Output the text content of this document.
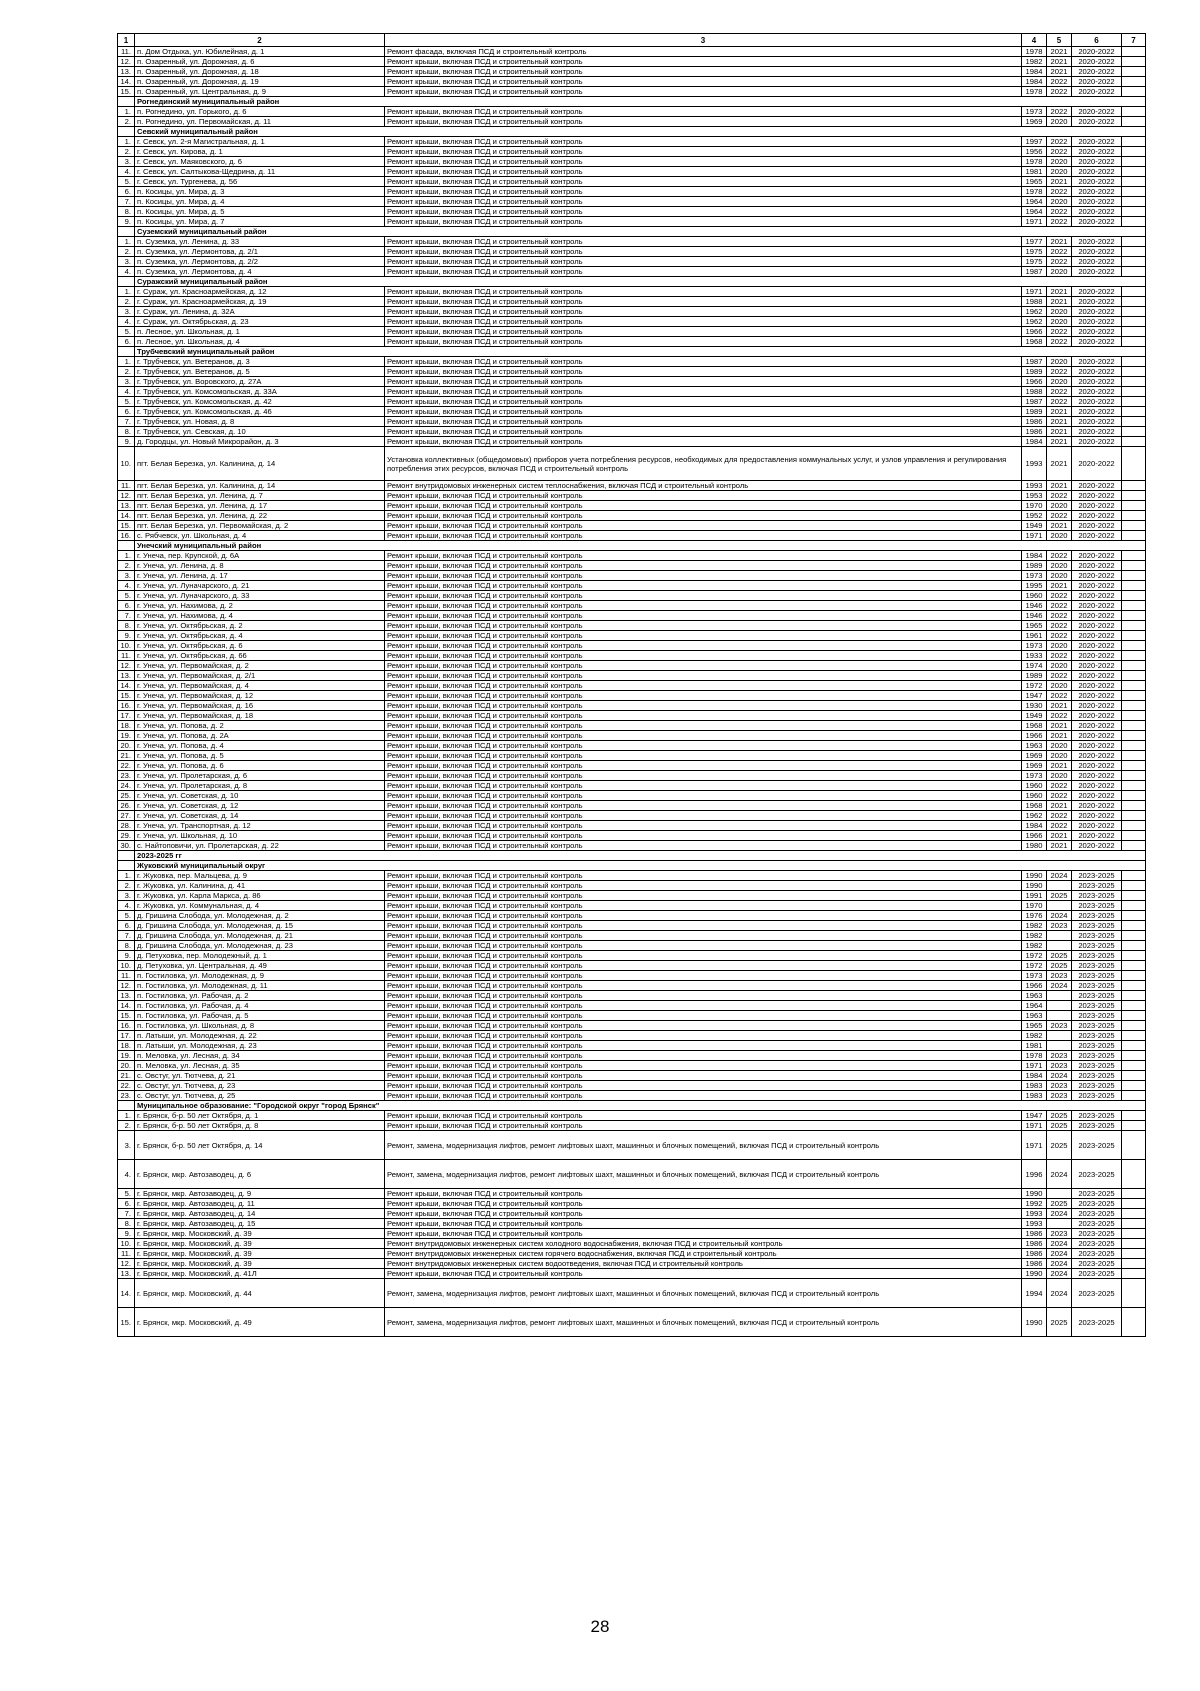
1	2	3	4	5	6	7
11.	п. Дом Отдыха, ул. Юбилейная, д. 1	Ремонт фасада, включая ПСД и строительный контроль	1978	2021	2020-2022	
12.	п. Озаренный, ул. Дорожная, д. 6	Ремонт крыши, включая ПСД и строительный контроль	1982	2021	2020-2022	
13.	п. Озаренный, ул. Дорожная, д. 18	Ремонт крыши, включая ПСД и строительный контроль	1984	2021	2020-2022	
14.	п. Озаренный, ул. Дорожная, д. 19	Ремонт крыши, включая ПСД и строительный контроль	1984	2022	2020-2022	
15.	п. Озаренный, ул. Центральная, д. 9	Ремонт крыши, включая ПСД и строительный контроль	1978	2022	2020-2022	
	Рогнединский муниципальный район					
1.	п. Рогнедино, ул. Горького, д. 6	Ремонт крыши, включая ПСД и строительный контроль	1973	2022	2020-2022	
2.	п. Рогнедино, ул. Первомайская, д. 11	Ремонт крыши, включая ПСД и строительный контроль	1969	2020	2020-2022	
	Севский муниципальный район					
1.	г. Севск, ул. 2-я Магистральная, д. 1	Ремонт крыши, включая ПСД и строительный контроль	1997	2022	2020-2022	
2.	г. Севск, ул. Кирова, д. 1	Ремонт крыши, включая ПСД и строительный контроль	1956	2022	2020-2022	
3.	г. Севск, ул. Маяковского, д. 6	Ремонт крыши, включая ПСД и строительный контроль	1978	2020	2020-2022	
4.	г. Севск, ул. Салтыкова-Щедрина, д. 11	Ремонт крыши, включая ПСД и строительный контроль	1981	2020	2020-2022	
5.	г. Севск, ул. Тургенева, д. 56	Ремонт крыши, включая ПСД и строительный контроль	1965	2021	2020-2022	
6.	п. Косицы, ул. Мира, д. 3	Ремонт крыши, включая ПСД и строительный контроль	1978	2022	2020-2022	
7.	п. Косицы, ул. Мира, д. 4	Ремонт крыши, включая ПСД и строительный контроль	1964	2020	2020-2022	
8.	п. Косицы, ул. Мира, д. 5	Ремонт крыши, включая ПСД и строительный контроль	1964	2022	2020-2022	
9.	п. Косицы, ул. Мира, д. 7	Ремонт крыши, включая ПСД и строительный контроль	1971	2022	2020-2022	
	Суземский муниципальный район					
1.	п. Суземка, ул. Ленина, д. 33	Ремонт крыши, включая ПСД и строительный контроль	1977	2021	2020-2022	
2.	п. Суземка, ул. Лермонтова, д. 2/1	Ремонт крыши, включая ПСД и строительный контроль	1975	2022	2020-2022	
3.	п. Суземка, ул. Лермонтова, д. 2/2	Ремонт крыши, включая ПСД и строительный контроль	1975	2022	2020-2022	
4.	п. Суземка, ул. Лермонтова, д. 4	Ремонт крыши, включая ПСД и строительный контроль	1987	2020	2020-2022	
	Суражский муниципальный район					
1.	г. Сураж, ул. Красноармейская, д. 12	Ремонт крыши, включая ПСД и строительный контроль	1971	2021	2020-2022	
2.	г. Сураж, ул. Красноармейская, д. 19	Ремонт крыши, включая ПСД и строительный контроль	1988	2021	2020-2022	
3.	г. Сураж, ул. Ленина, д. 32А	Ремонт крыши, включая ПСД и строительный контроль	1962	2020	2020-2022	
4.	г. Сураж, ул. Октябрьская, д. 23	Ремонт крыши, включая ПСД и строительный контроль	1962	2020	2020-2022	
5.	п. Лесное, ул. Школьная, д. 1	Ремонт крыши, включая ПСД и строительный контроль	1966	2022	2020-2022	
6.	п. Лесное, ул. Школьная, д. 4	Ремонт крыши, включая ПСД и строительный контроль	1968	2022	2020-2022	
	Трубчевский муниципальный район					
1.	г. Трубчевск, ул. Ветеранов, д. 3	Ремонт крыши, включая ПСД и строительный контроль	1987	2020	2020-2022	
2.	г. Трубчевск, ул. Ветеранов, д. 5	Ремонт крыши, включая ПСД и строительный контроль	1989	2022	2020-2022	
3.	г. Трубчевск, ул. Воровского, д. 27А	Ремонт крыши, включая ПСД и строительный контроль	1966	2020	2020-2022	
4.	г. Трубчевск, ул. Комсомольская, д. 33А	Ремонт крыши, включая ПСД и строительный контроль	1988	2022	2020-2022	
5.	г. Трубчевск, ул. Комсомольская, д. 42	Ремонт крыши, включая ПСД и строительный контроль	1987	2022	2020-2022	
6.	г. Трубчевск, ул. Комсомольская, д. 46	Ремонт крыши, включая ПСД и строительный контроль	1989	2021	2020-2022	
7.	г. Трубчевск, ул. Новая, д. 8	Ремонт крыши, включая ПСД и строительный контроль	1986	2021	2020-2022	
8.	г. Трубчевск, ул. Севская, д. 10	Ремонт крыши, включая ПСД и строительный контроль	1986	2021	2020-2022	
9.	д. Городцы, ул. Новый Микрорайон, д. 3	Ремонт крыши, включая ПСД и строительный контроль	1984	2021	2020-2022	
10.	пгт. Белая Березка, ул. Калинина, д. 14	Установка коллективных (общедомовых) приборов учета потребления ресурсов, необходимых для предоставления коммунальных услуг, и узлов управления и регулирования потребления этих ресурсов, включая ПСД и строительный контроль	1993	2021	2020-2022	
11.	пгт. Белая Березка, ул. Калинина, д. 14	Ремонт внутридомовых инженерных систем теплоснабжения, включая ПСД и строительный контроль	1993	2021	2020-2022	
12.	пгт. Белая Березка, ул. Ленина, д. 7	Ремонт крыши, включая ПСД и строительный контроль	1953	2022	2020-2022	
13.	пгт. Белая Березка, ул. Ленина, д. 17	Ремонт крыши, включая ПСД и строительный контроль	1970	2020	2020-2022	
14.	пгт. Белая Березка, ул. Ленина, д. 22	Ремонт крыши, включая ПСД и строительный контроль	1952	2022	2020-2022	
15.	пгт. Белая Березка, ул. Первомайская, д. 2	Ремонт крыши, включая ПСД и строительный контроль	1949	2021	2020-2022	
16.	с. Рябчевск, ул. Школьная, д. 4	Ремонт крыши, включая ПСД и строительный контроль	1971	2020	2020-2022	
	Унечский муниципальный район					
1.	г. Унеча, пер. Крупской, д. 6А	Ремонт крыши, включая ПСД и строительный контроль	1984	2022	2020-2022	
2.	г. Унеча, ул. Ленина, д. 8	Ремонт крыши, включая ПСД и строительный контроль	1989	2020	2020-2022	
3.	г. Унеча, ул. Ленина, д. 17	Ремонт крыши, включая ПСД и строительный контроль	1973	2020	2020-2022	
4.	г. Унеча, ул. Луначарского, д. 21	Ремонт крыши, включая ПСД и строительный контроль	1995	2021	2020-2022	
5.	г. Унеча, ул. Луначарского, д. 33	Ремонт крыши, включая ПСД и строительный контроль	1960	2022	2020-2022	
6.	г. Унеча, ул. Нахимова, д. 2	Ремонт крыши, включая ПСД и строительный контроль	1946	2022	2020-2022	
7.	г. Унеча, ул. Нахимова, д. 4	Ремонт крыши, включая ПСД и строительный контроль	1946	2022	2020-2022	
8.	г. Унеча, ул. Октябрьская, д. 2	Ремонт крыши, включая ПСД и строительный контроль	1965	2022	2020-2022	
9.	г. Унеча, ул. Октябрьская, д. 4	Ремонт крыши, включая ПСД и строительный контроль	1961	2022	2020-2022	
10.	г. Унеча, ул. Октябрьская, д. 6	Ремонт крыши, включая ПСД и строительный контроль	1973	2020	2020-2022	
11.	г. Унеча, ул. Октябрьская, д. 66	Ремонт крыши, включая ПСД и строительный контроль	1933	2022	2020-2022	
12.	г. Унеча, ул. Первомайская, д. 2	Ремонт крыши, включая ПСД и строительный контроль	1974	2020	2020-2022	
13.	г. Унеча, ул. Первомайская, д. 2/1	Ремонт крыши, включая ПСД и строительный контроль	1989	2022	2020-2022	
14.	г. Унеча, ул. Первомайская, д. 4	Ремонт крыши, включая ПСД и строительный контроль	1972	2020	2020-2022	
15.	г. Унеча, ул. Первомайская, д. 12	Ремонт крыши, включая ПСД и строительный контроль	1947	2022	2020-2022	
16.	г. Унеча, ул. Первомайская, д. 16	Ремонт крыши, включая ПСД и строительный контроль	1930	2021	2020-2022	
17.	г. Унеча, ул. Первомайская, д. 18	Ремонт крыши, включая ПСД и строительный контроль	1949	2022	2020-2022	
18.	г. Унеча, ул. Попова, д. 2	Ремонт крыши, включая ПСД и строительный контроль	1968	2021	2020-2022	
19.	г. Унеча, ул. Попова, д. 2А	Ремонт крыши, включая ПСД и строительный контроль	1966	2021	2020-2022	
20.	г. Унеча, ул. Попова, д. 4	Ремонт крыши, включая ПСД и строительный контроль	1963	2020	2020-2022	
21.	г. Унеча, ул. Попова, д. 5	Ремонт крыши, включая ПСД и строительный контроль	1969	2020	2020-2022	
22.	г. Унеча, ул. Попова, д. 6	Ремонт крыши, включая ПСД и строительный контроль	1969	2021	2020-2022	
23.	г. Унеча, ул. Пролетарская, д. 6	Ремонт крыши, включая ПСД и строительный контроль	1973	2020	2020-2022	
24.	г. Унеча, ул. Пролетарская, д. 8	Ремонт крыши, включая ПСД и строительный контроль	1960	2022	2020-2022	
25.	г. Унеча, ул. Советская, д. 10	Ремонт крыши, включая ПСД и строительный контроль	1960	2022	2020-2022	
26.	г. Унеча, ул. Советская, д. 12	Ремонт крыши, включая ПСД и строительный контроль	1968	2021	2020-2022	
27.	г. Унеча, ул. Советская, д. 14	Ремонт крыши, включая ПСД и строительный контроль	1962	2022	2020-2022	
28.	г. Унеча, ул. Транспортная, д. 12	Ремонт крыши, включая ПСД и строительный контроль	1984	2022	2020-2022	
29.	г. Унеча, ул. Школьная, д. 10	Ремонт крыши, включая ПСД и строительный контроль	1966	2021	2020-2022	
30.	с. Найтоповичи, ул. Пролетарская, д. 22	Ремонт крыши, включая ПСД и строительный контроль	1980	2021	2020-2022	
	2023-2025 гг					
	Жуковский муниципальный округ					
1.	г. Жуковка, пер. Мальцева, д. 9	Ремонт крыши, включая ПСД и строительный контроль	1990	2024	2023-2025	
2.	г. Жуковка, ул. Калинина, д. 41	Ремонт крыши, включая ПСД и строительный контроль	1990		2023-2025	
3.	г. Жуковка, ул. Карла Маркса, д. 86	Ремонт крыши, включая ПСД и строительный контроль	1991	2025	2023-2025	
4.	г. Жуковка, ул. Коммунальная, д. 4	Ремонт крыши, включая ПСД и строительный контроль	1970		2023-2025	
5.	д. Гришина Слобода, ул. Молодежная, д. 2	Ремонт крыши, включая ПСД и строительный контроль	1976	2024	2023-2025	
6.	д. Гришина Слобода, ул. Молодежная, д. 15	Ремонт крыши, включая ПСД и строительный контроль	1982	2023	2023-2025	
7.	д. Гришина Слобода, ул. Молодежная, д. 21	Ремонт крыши, включая ПСД и строительный контроль	1982		2023-2025	
8.	д. Гришина Слобода, ул. Молодежная, д. 23	Ремонт крыши, включая ПСД и строительный контроль	1982		2023-2025	
9.	д. Петуховка, пер. Молодежный, д. 1	Ремонт крыши, включая ПСД и строительный контроль	1972	2025	2023-2025	
10.	д. Петуховка, ул. Центральная, д. 49	Ремонт крыши, включая ПСД и строительный контроль	1972	2025	2023-2025	
11.	п. Гостиловка, ул. Молодежная, д. 9	Ремонт крыши, включая ПСД и строительный контроль	1973	2023	2023-2025	
12.	п. Гостиловка, ул. Молодежная, д. 11	Ремонт крыши, включая ПСД и строительный контроль	1966	2024	2023-2025	
13.	п. Гостиловка, ул. Рабочая, д. 2	Ремонт крыши, включая ПСД и строительный контроль	1963		2023-2025	
14.	п. Гостиловка, ул. Рабочая, д. 4	Ремонт крыши, включая ПСД и строительный контроль	1964		2023-2025	
15.	п. Гостиловка, ул. Рабочая, д. 5	Ремонт крыши, включая ПСД и строительный контроль	1963		2023-2025	
16.	п. Гостиловка, ул. Школьная, д. 8	Ремонт крыши, включая ПСД и строительный контроль	1965	2023	2023-2025	
17.	п. Латыши, ул. Молодежная, д. 22	Ремонт крыши, включая ПСД и строительный контроль	1982		2023-2025	
18.	п. Латыши, ул. Молодежная, д. 23	Ремонт крыши, включая ПСД и строительный контроль	1981		2023-2025	
19.	п. Меловка, ул. Лесная, д. 34	Ремонт крыши, включая ПСД и строительный контроль	1978	2023	2023-2025	
20.	п. Меловка, ул. Лесная, д. 35	Ремонт крыши, включая ПСД и строительный контроль	1971	2023	2023-2025	
21.	с. Овстуг, ул. Тютчева, д. 21	Ремонт крыши, включая ПСД и строительный контроль	1984	2024	2023-2025	
22.	с. Овстуг, ул. Тютчева, д. 23	Ремонт крыши, включая ПСД и строительный контроль	1983	2023	2023-2025	
23.	с. Овстуг, ул. Тютчева, д. 25	Ремонт крыши, включая ПСД и строительный контроль	1983	2023	2023-2025	
	Муниципальное образование: "Городской округ "город Брянск"					
1.	г. Брянск, б-р. 50 лет Октября, д. 1	Ремонт крыши, включая ПСД и строительный контроль	1947	2025	2023-2025	
2.	г. Брянск, б-р. 50 лет Октября, д. 8	Ремонт крыши, включая ПСД и строительный контроль	1971	2025	2023-2025	
3.	г. Брянск, б-р. 50 лет Октября, д. 14	Ремонт, замена, модернизация лифтов, ремонт лифтовых шахт, машинных и блочных помещений, включая ПСД и строительный контроль	1971	2025	2023-2025	
4.	г. Брянск, мкр. Автозаводец, д. 6	Ремонт, замена, модернизация лифтов, ремонт лифтовых шахт, машинных и блочных помещений, включая ПСД и строительный контроль	1996	2024	2023-2025	
5.	г. Брянск, мкр. Автозаводец, д. 9	Ремонт крыши, включая ПСД и строительный контроль	1990		2023-2025	
6.	г. Брянск, мкр. Автозаводец, д. 11	Ремонт крыши, включая ПСД и строительный контроль	1992	2025	2023-2025	
7.	г. Брянск, мкр. Автозаводец, д. 14	Ремонт крыши, включая ПСД и строительный контроль	1993	2024	2023-2025	
8.	г. Брянск, мкр. Автозаводец, д. 15	Ремонт крыши, включая ПСД и строительный контроль	1993		2023-2025	
9.	г. Брянск, мкр. Московский, д. 39	Ремонт крыши, включая ПСД и строительный контроль	1986	2023	2023-2025	
10.	г. Брянск, мкр. Московский, д. 39	Ремонт внутридомовых инженерных систем холодного водоснабжения, включая ПСД и строительный контроль	1986	2024	2023-2025	
11.	г. Брянск, мкр. Московский, д. 39	Ремонт внутридомовых инженерных систем горячего водоснабжения, включая ПСД и строительный контроль	1986	2024	2023-2025	
12.	г. Брянск, мкр. Московский, д. 39	Ремонт внутридомовых инженерных систем водоотведения, включая ПСД и строительный контроль	1986	2024	2023-2025	
13.	г. Брянск, мкр. Московский, д. 41Л	Ремонт крыши, включая ПСД и строительный контроль	1990	2024	2023-2025	
14.	г. Брянск, мкр. Московский, д. 44	Ремонт, замена, модернизация лифтов, ремонт лифтовых шахт, машинных и блочных помещений, включая ПСД и строительный контроль	1994	2024	2023-2025	
15.	г. Брянск, мкр. Московский, д. 49	Ремонт, замена, модернизация лифтов, ремонт лифтовых шахт, машинных и блочных помещений, включая ПСД и строительный контроль	1990	2025	2023-2025	
28
